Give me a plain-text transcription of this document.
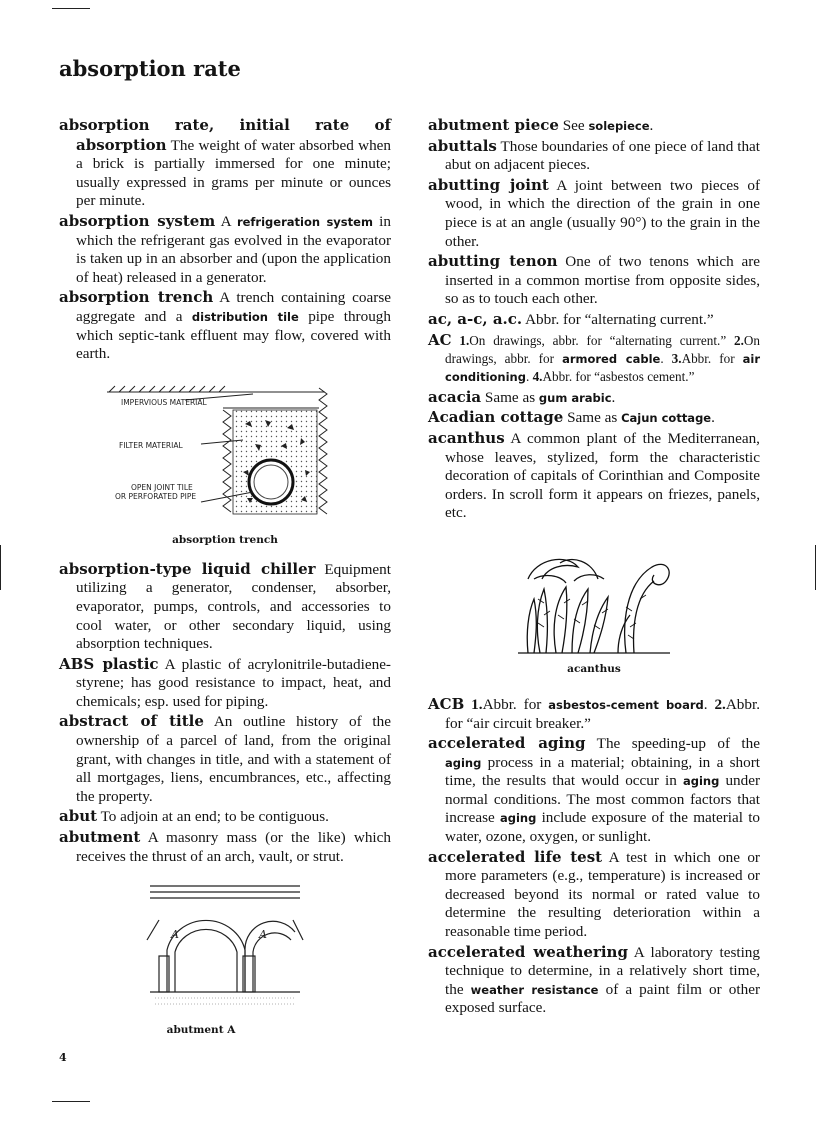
absorption rate

absorption rate, initial rate of absorption The weight of water absorbed when a brick is partially immersed for one minute; usually expressed in grams per minute or ounces per minute.

absorption system A refrigeration system in which the refrigerant gas evolved in the evaporator is taken up in an absorber and (upon the application of heat) released in a generator.

absorption trench A trench containing coarse aggregate and a distribution tile pipe through which septic-tank effluent may flow, covered with earth.

IMPERVIOUS MATERIAL
FILTER MATERIAL
OPEN JOINT TILE
OR PERFORATED PIPE
absorption trench

absorption-type liquid chiller Equipment utilizing a generator, condenser, absorber, evaporator, pumps, controls, and accessories to cool water, or other secondary liquid, using absorption techniques.

ABS plastic A plastic of acrylonitrile-butadiene-styrene; has good resistance to impact, heat, and chemicals; esp. used for piping.

abstract of title An outline history of the ownership of a parcel of land, from the original grant, with changes in title, and with a statement of all mortgages, liens, encumbrances, etc., affecting the property.

abut To adjoin at an end; to be contiguous.

abutment A masonry mass (or the like) which receives the thrust of an arch, vault, or strut.

A	A
abutment A

abutment piece See solepiece.

abuttals Those boundaries of one piece of land that abut on adjacent pieces.

abutting joint A joint between two pieces of wood, in which the direction of the grain in one piece is at an angle (usually 90°) to the grain in the other.

abutting tenon One of two tenons which are inserted in a common mortise from opposite sides, so as to touch each other.

ac, a-c, a.c. Abbr. for “alternating current.”

AC 1.On drawings, abbr. for “alternating current.” 2.On drawings, abbr. for armored cable. 3.Abbr. for air conditioning. 4.Abbr. for “asbestos cement.”

acacia Same as gum arabic.

Acadian cottage Same as Cajun cottage.

acanthus A common plant of the Mediterranean, whose leaves, stylized, form the characteristic decoration of capitals of Corinthian and Composite orders. In scroll form it appears on friezes, panels, etc.

acanthus

ACB 1.Abbr. for asbestos-cement board. 2.Abbr. for “air circuit breaker.”

accelerated aging The speeding-up of the aging process in a material; obtaining, in a short time, the results that would occur in aging under normal conditions. The most common factors that increase aging include exposure of the material to water, ozone, oxygen, or sunlight.

accelerated life test A test in which one or more parameters (e.g., temperature) is increased or decreased beyond its normal or rated value to determine the resulting deterioration within a reasonable time period.

accelerated weathering A laboratory testing technique to determine, in a relatively short time, the weather resistance of a paint film or other exposed surface.

4
